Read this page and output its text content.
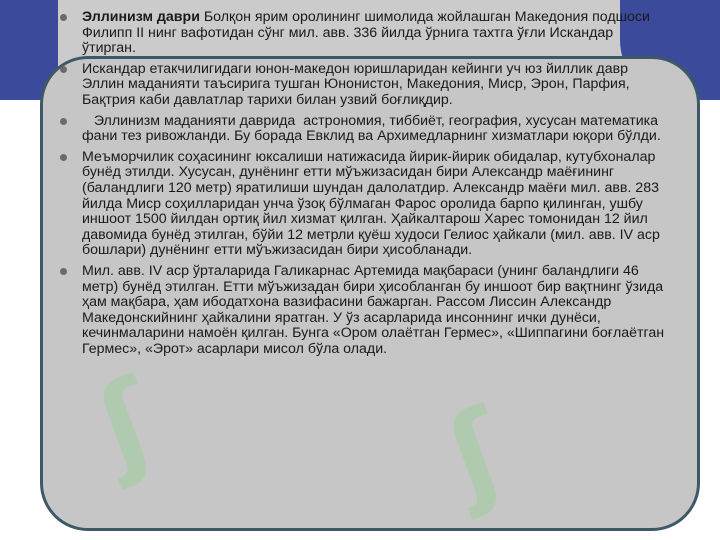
ʃ ʃ
Эллинизм даври Болқон ярим оролининг шимолида жойлашган Македония подшоси Филипп II нинг вафотидан сўнг мил. авв. 336 йилда ўрнига тахтга ўғли Искандар ўтирган.
Искандар етакчилигидаги юнон-македон юришларидан кейинги уч юз йиллик давр Эллин маданияти таъсирига тушган Юнонистон, Македония, Миср, Эрон, Парфия, Бақтрия каби давлатлар тарихи билан узвий боғлиқдир.
Эллинизм маданияти даврида  астрономия, тиббиёт, география, хусусан математика фани тез ривожланди. Бу борада Евклид ва Архимедларнинг хизматлари юқори бўлди.
Меъморчилик соҳасининг юксалиши натижасида йирик-йирик обидалар, кутубхоналар бунёд этилди. Хусусан, дунёнинг етти мўъжизасидан бири Александр маёғининг (баландлиги 120 метр) яратилиши шундан далолатдир. Александр маёғи мил. авв. 283 йилда Миср соҳилларидан унча ўзоқ бўлмаган Фарос оролида барпо қилинган, ушбу иншоот 1500 йилдан ортиқ йил хизмат қилган. Ҳайкалтарош Харес томонидан 12 йил давомида бунёд этилган, бўйи 12 метрли қуёш худоси Гелиос ҳайкали (мил. авв. IV аср бошлари) дунёнинг етти мўъжизасидан бири ҳисобланади.
Мил. авв. IV аср ўрталарида Галикарнас Артемида мақбараси (унинг баландлиги 46 метр) бунёд этилган. Етти мўъжизадан бири ҳисобланган бу иншоот бир вақтнинг ўзида ҳам мақбара, ҳам ибодатхона вазифасини бажарган. Рассом Лиссин Александр Македонскийнинг ҳайкалини яратган. У ўз асарларида инсоннинг ички дунёси, кечинмаларини намоён қилган. Бунга «Ором олаётган Гермес», «Шиппагини боғлаётган Гермес», «Эрот» асарлари мисол бўла олади.
